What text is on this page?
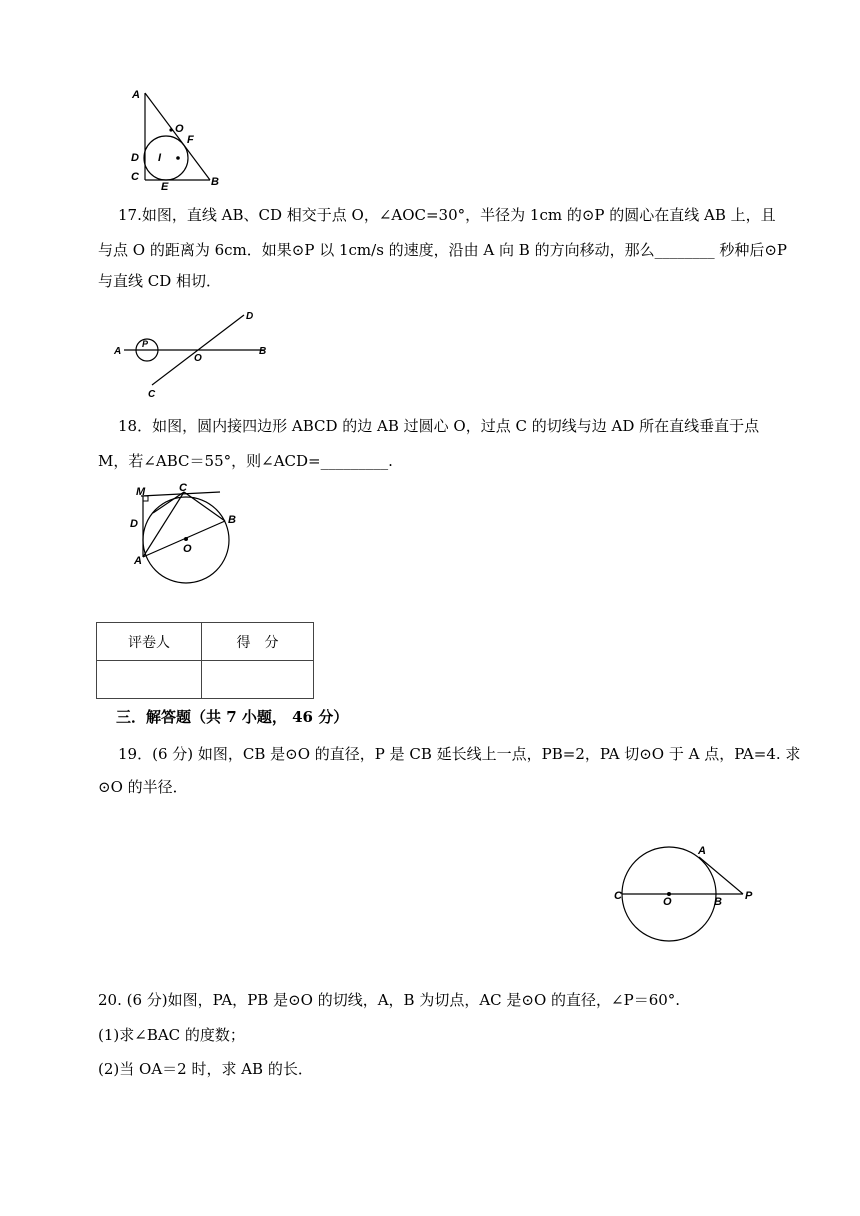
A
O
F
D I
C
E	B
17.如图，直线 AB、CD 相交于点 O，∠AOC=30°，半径为 1cm 的⊙P 的圆心在直线 AB 上，且
与点 O 的距离为 6cm．如果⊙P 以 1cm/s 的速度，沿由 A 向 B 的方向移动，那么________ 秒种后⊙P
与直线 CD 相切．
A
P
O
B
C
D
18．如图，圆内接四边形 ABCD 的边 AB 过圆心 O，过点 C 的切线与边 AD 所在直线垂直于点
M，若∠ABC＝55°，则∠ACD=_________.
M	C
D	B
O
A
评卷人	得　分

三．解答题（共 7 小题， 46 分）
19．(6 分) 如图，CB 是⊙O 的直径，P 是 CB 延长线上一点，PB=2，PA 切⊙O 于 A 点，PA=4. 求
⊙O 的半径．
A
C	O	B P
20. (6 分)如图，PA，PB 是⊙O 的切线，A，B 为切点，AC 是⊙O 的直径，∠P＝60°.
(1)求∠BAC 的度数；
(2)当 OA＝2 时，求 AB 的长．
